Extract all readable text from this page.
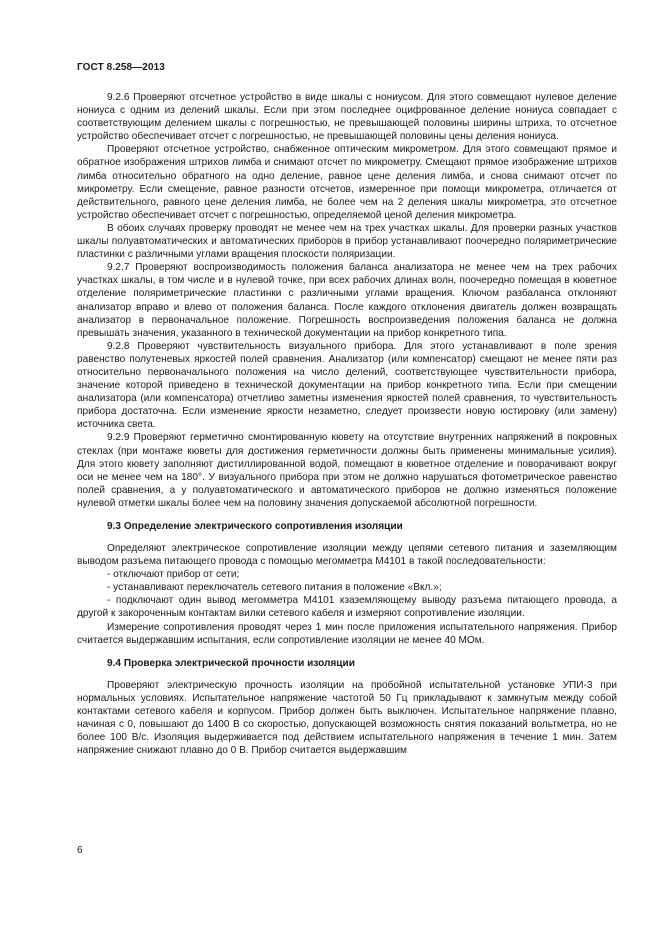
ГОСТ 8.258—2013

9.2.6 Проверяют отсчетное устройство в виде шкалы с нониусом. Для этого совмещают нулевое деление нониуса с одним из делений шкалы. Если при этом последнее оцифрованное деление нониуса совпадает с соответствующим делением шкалы с погрешностью, не превышающей половины ширины штриха, то отсчетное устройство обеспечивает отсчет с погрешностью, не превышающей половины цены деления нониуса.

Проверяют отсчетное устройство, снабженное оптическим микрометром. Для этого совмещают прямое и обратное изображения штрихов лимба и снимают отсчет по микрометру. Смещают прямое изображение штрихов лимба относительно обратного на одно деление, равное цене деления лимба, и снова снимают отсчет по микрометру. Если смещение, равное разности отсчетов, измеренное при помощи микрометра, отличается от действительного, равного цене деления лимба, не более чем на 2 деления шкалы микрометра, это отсчетное устройство обеспечивает отсчет с погрешностью, определяемой ценой деления микрометра.

В обоих случаях проверку проводят не менее чем на трех участках шкалы. Для проверки разных участков шкалы полуавтоматических и автоматических приборов в прибор устанавливают поочередно поляриметрические пластинки с различными углами вращения плоскости поляризации.

9.2.7 Проверяют воспроизводимость положения баланса анализатора не менее чем на трех рабочих участках шкалы, в том числе и в нулевой точке, при всех рабочих длинах волн, поочередно помещая в кюветное отделение поляриметрические пластинки с различными углами вращения. Ключом разбаланса отклоняют анализатор вправо и влево от положения баланса. После каждого отклонения двигатель должен возвращать анализатор в первоначальное положение. Погрешность воспроизведения положения баланса не должна превышать значения, указанного в технической документации на прибор конкретного типа.

9.2.8 Проверяют чувствительность визуального прибора. Для этого устанавливают в поле зрения равенство полутеневых яркостей полей сравнения. Анализатор (или компенсатор) смещают не менее пяти раз относительно первоначального положения на число делений, соответствующее чувствительности прибора, значение которой приведено в технической документации на прибор конкретного типа. Если при смещении анализатора (или компенсатора) отчетливо заметны изменения яркостей полей сравнения, то чувствительность прибора достаточна. Если изменение яркости незаметно, следует произвести новую юстировку (или замену) источника света.

9.2.9 Проверяют герметично смонтированную кювету на отсутствие внутренних напряжений в покровных стеклах (при монтаже кюветы для достижения герметичности должны быть применены минимальные усилия). Для этого кювету заполняют дистиллированной водой, помещают в кюветное отделение и поворачивают вокруг оси не менее чем на 180°. У визуального прибора при этом не должно нарушаться фотометрическое равенство полей сравнения, а у полуавтоматического и автоматического приборов не должно изменяться положение нулевой отметки шкалы более чем на половину значения допускаемой абсолютной погрешности.

9.3 Определение электрического сопротивления изоляции

Определяют электрическое сопротивление изоляции между цепями сетевого питания и заземляющим выводом разъема питающего провода с помощью мегомметра М4101 в такой последовательности:

- отключают прибор от сети;

- устанавливают переключатель сетевого питания в положение «Вкл.»;

- подключают один вывод мегомметра М4101 кзаземляющему выводу разъема питающего провода, а другой к закороченным контактам вилки сетевого кабеля и измеряют сопротивление изоляции.

Измерение сопротивления проводят через 1 мин после приложения испытательного напряжения. Прибор считается выдержавшим испытания, если сопротивление изоляции не менее 40 МОм.

9.4 Проверка электрической прочности изоляции

Проверяют электрическую прочность изоляции на пробойной испытательной установке УПИ-3 при нормальных условиях. Испытательное напряжение частотой 50 Гц прикладывают к замкнутым между собой контактами сетевого кабеля и корпусом. Прибор должен быть выключен. Испытательное напряжение плавно, начиная с 0, повышают до 1400 В со скоростью, допускающей возможность снятия показаний вольтметра, но не более 100 В/с. Изоляция выдерживается под действием испытательного напряжения в течение 1 мин. Затем напряжение снижают плавно до 0 В. Прибор считается выдержавшим

6
